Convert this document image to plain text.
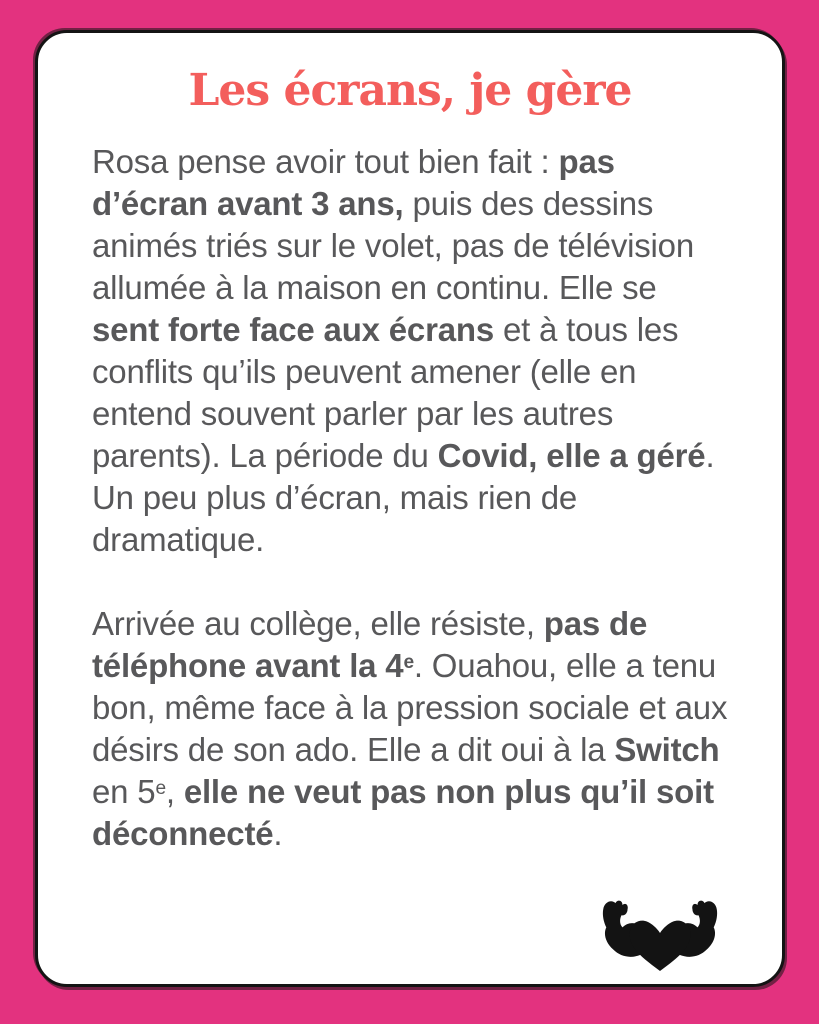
Les écrans, je gère

Rosa pense avoir tout bien fait : pas d’écran avant 3 ans, puis des dessins animés triés sur le volet, pas de télévision allumée à la maison en continu. Elle se sent forte face aux écrans et à tous les conflits qu’ils peuvent amener (elle en entend souvent parler par les autres parents). La période du Covid, elle a géré. Un peu plus d’écran, mais rien de dramatique.

Arrivée au collège, elle résiste, pas de téléphone avant la 4e. Ouahou, elle a tenu bon, même face à la pression sociale et aux désirs de son ado. Elle a dit oui à la Switch en 5e, elle ne veut pas non plus qu’il soit déconnecté.
